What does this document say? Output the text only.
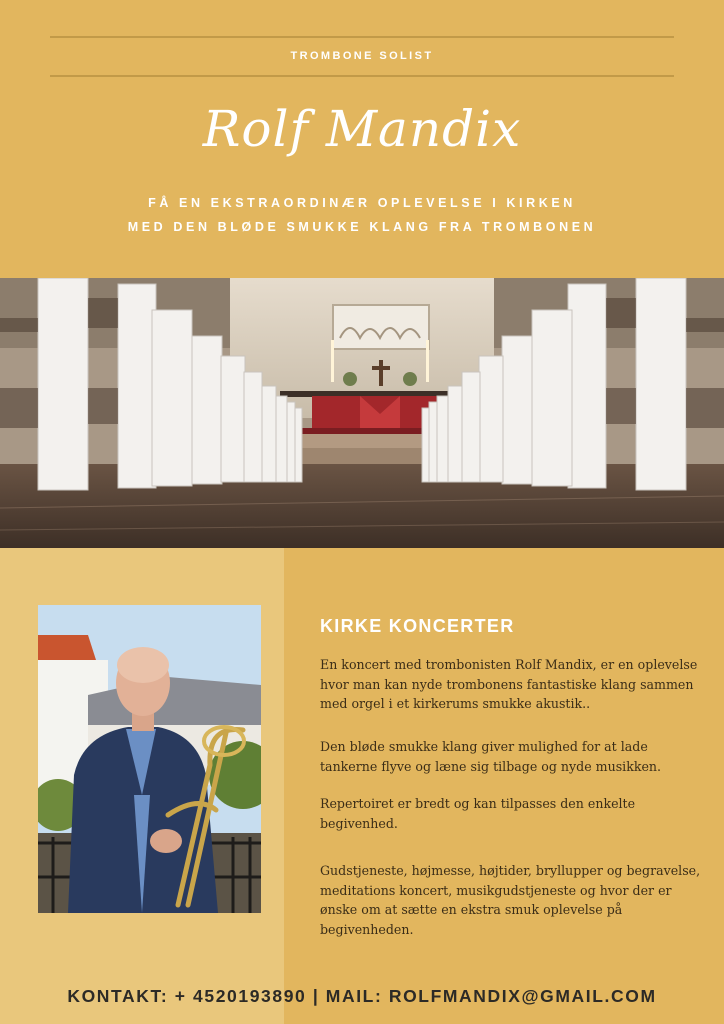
TROMBONE SOLIST
Rolf Mandix
FÅ EN EKSTRAORDINÆR OPLEVELSE I KIRKEN
MED DEN BLØDE SMUKKE KLANG FRA TROMBONEN
KIRKE KONCERTER

En koncert med trombonisten Rolf Mandix, er en oplevelse hvor man kan nyde trombonens fantastiske klang sammen med orgel i et kirkerums smukke akustik..

Den bløde smukke klang giver mulighed for at lade tankerne flyve og læne sig tilbage og nyde musikken.

Repertoiret er bredt og kan tilpasses den enkelte begivenhed.

Gudstjeneste, højmesse, højtider, bryllupper og begravelse, meditations koncert, musikgudstjeneste og hvor der er ønske om at sætte en ekstra smuk oplevelse på begivenheden.

KONTAKT: + 4520193890 | MAIL: ROLFMANDIX@GMAIL.COM
